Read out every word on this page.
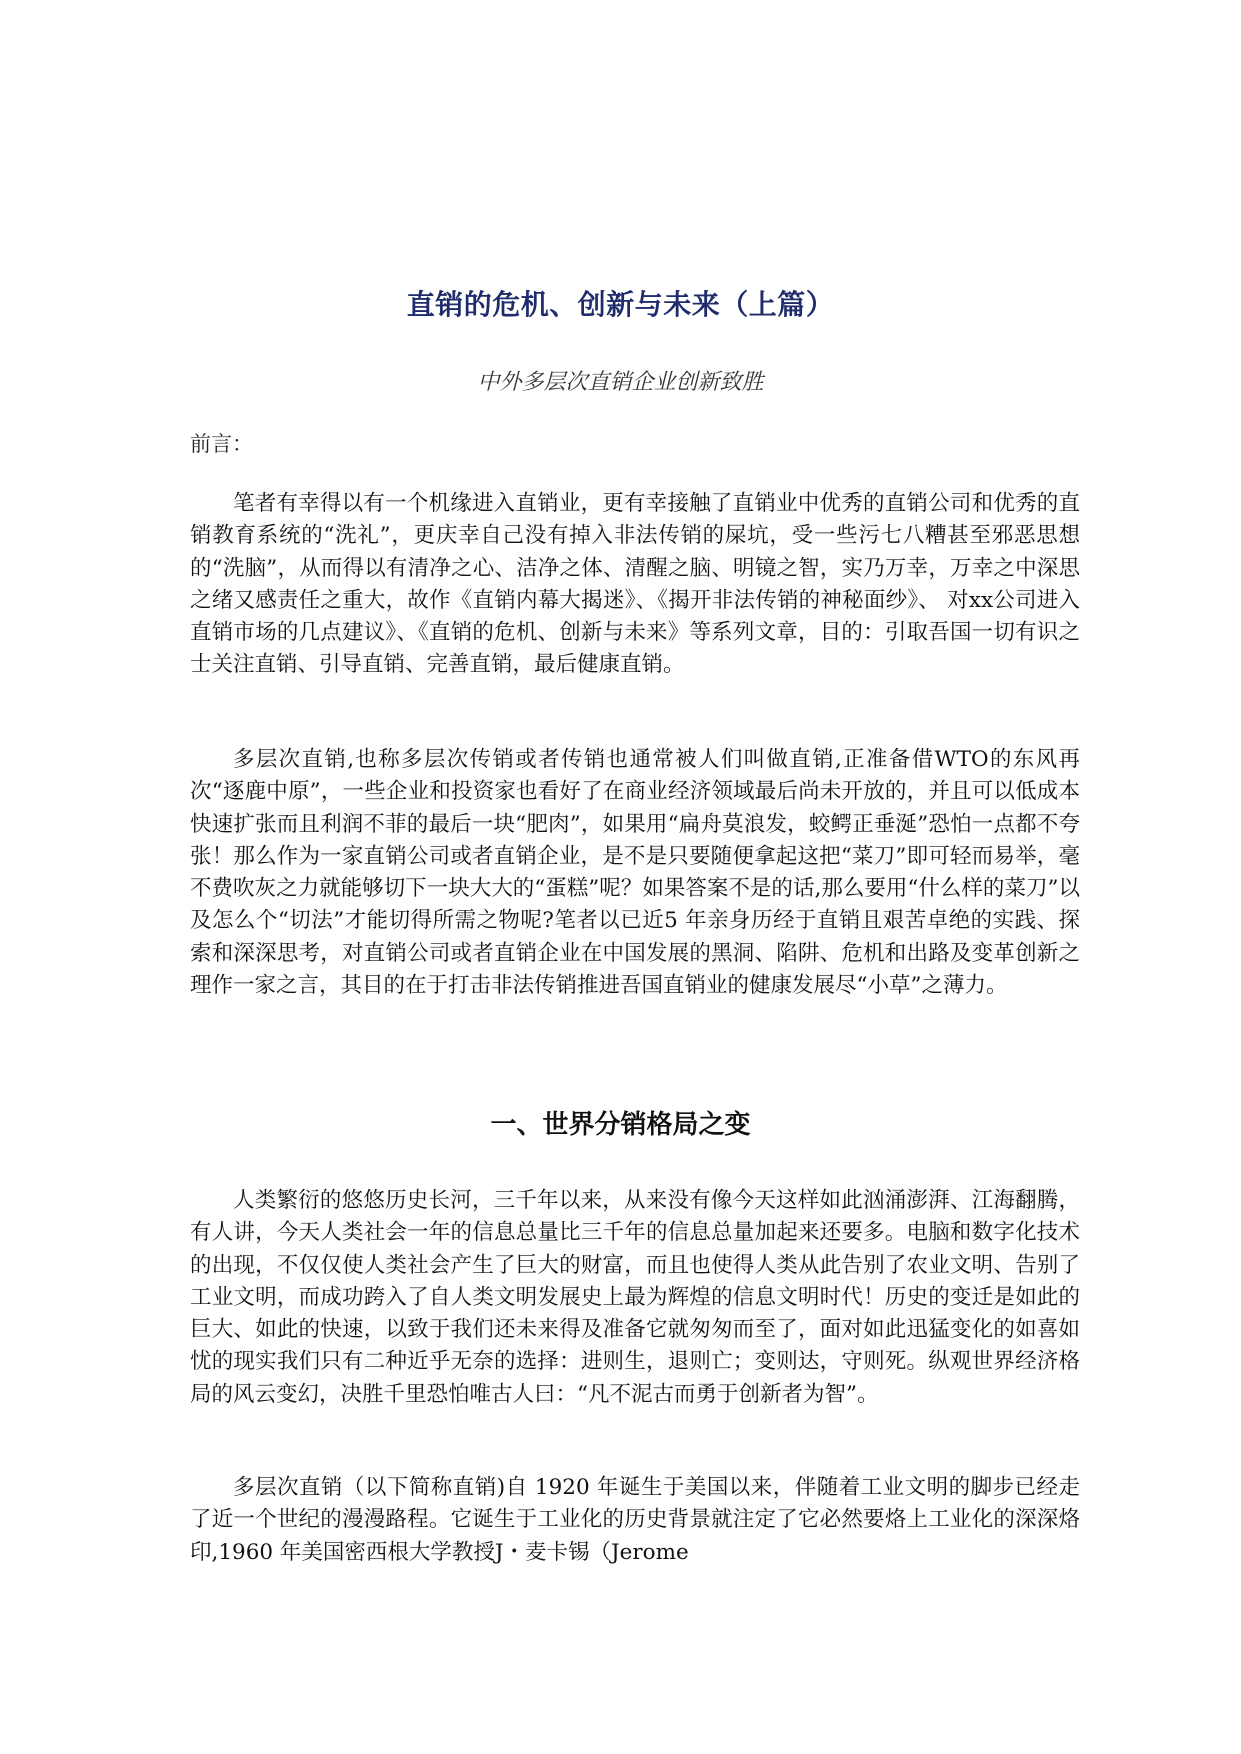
直销的危机、创新与未来（上篇）
中外多层次直销企业创新致胜
前言：

笔者有幸得以有一个机缘进入直销业，更有幸接触了直销业中优秀的直销公司和优秀的直销教育系统的“洗礼”，更庆幸自己没有掉入非法传销的屎坑，受一些污七八糟甚至邪恶思想的“洗脑”，从而得以有清净之心、洁净之体、清醒之脑、明镜之智，实乃万幸，万幸之中深思之绪又感责任之重大，故作《直销内幕大揭迷》、《揭开非法传销的神秘面纱》、 对xx公司进入直销市场的几点建议》、《直销的危机、创新与未来》等系列文章，目的：引取吾国一切有识之士关注直销、引导直销、完善直销，最后健康直销。

多层次直销,也称多层次传销或者传销也通常被人们叫做直销,正准备借WTO的东风再次“逐鹿中原”，一些企业和投资家也看好了在商业经济领域最后尚未开放的，并且可以低成本快速扩张而且利润不菲的最后一块“肥肉”，如果用“扁舟莫浪发，蛟鳄正垂涎”恐怕一点都不夸张！那么作为一家直销公司或者直销企业，是不是只要随便拿起这把“菜刀”即可轻而易举，毫不费吹灰之力就能够切下一块大大的“蛋糕”呢？如果答案不是的话,那么要用“什么样的菜刀”以及怎么个“切法”才能切得所需之物呢?笔者以已近5 年亲身历经于直销且艰苦卓绝的实践、探索和深深思考，对直销公司或者直销企业在中国发展的黑洞、陷阱、危机和出路及变革创新之理作一家之言，其目的在于打击非法传销推进吾国直销业的健康发展尽“小草”之薄力。

一、世界分销格局之变

人类繁衍的悠悠历史长河，三千年以来，从来没有像今天这样如此汹涌澎湃、江海翻腾，有人讲，今天人类社会一年的信息总量比三千年的信息总量加起来还要多。电脑和数字化技术的出现，不仅仅使人类社会产生了巨大的财富，而且也使得人类从此告别了农业文明、告别了工业文明，而成功跨入了自人类文明发展史上最为辉煌的信息文明时代！历史的变迁是如此的巨大、如此的快速，以致于我们还未来得及准备它就匆匆而至了，面对如此迅猛变化的如喜如忧的现实我们只有二种近乎无奈的选择：进则生，退则亡；变则达，守则死。纵观世界经济格局的风云变幻，决胜千里恐怕唯古人曰：“凡不泥古而勇于创新者为智”。

多层次直销（以下简称直销)自 1920 年诞生于美国以来，伴随着工业文明的脚步已经走了近一个世纪的漫漫路程。它诞生于工业化的历史背景就注定了它必然要烙上工业化的深深烙印,1960 年美国密西根大学教授J・麦卡锡（Jerome
